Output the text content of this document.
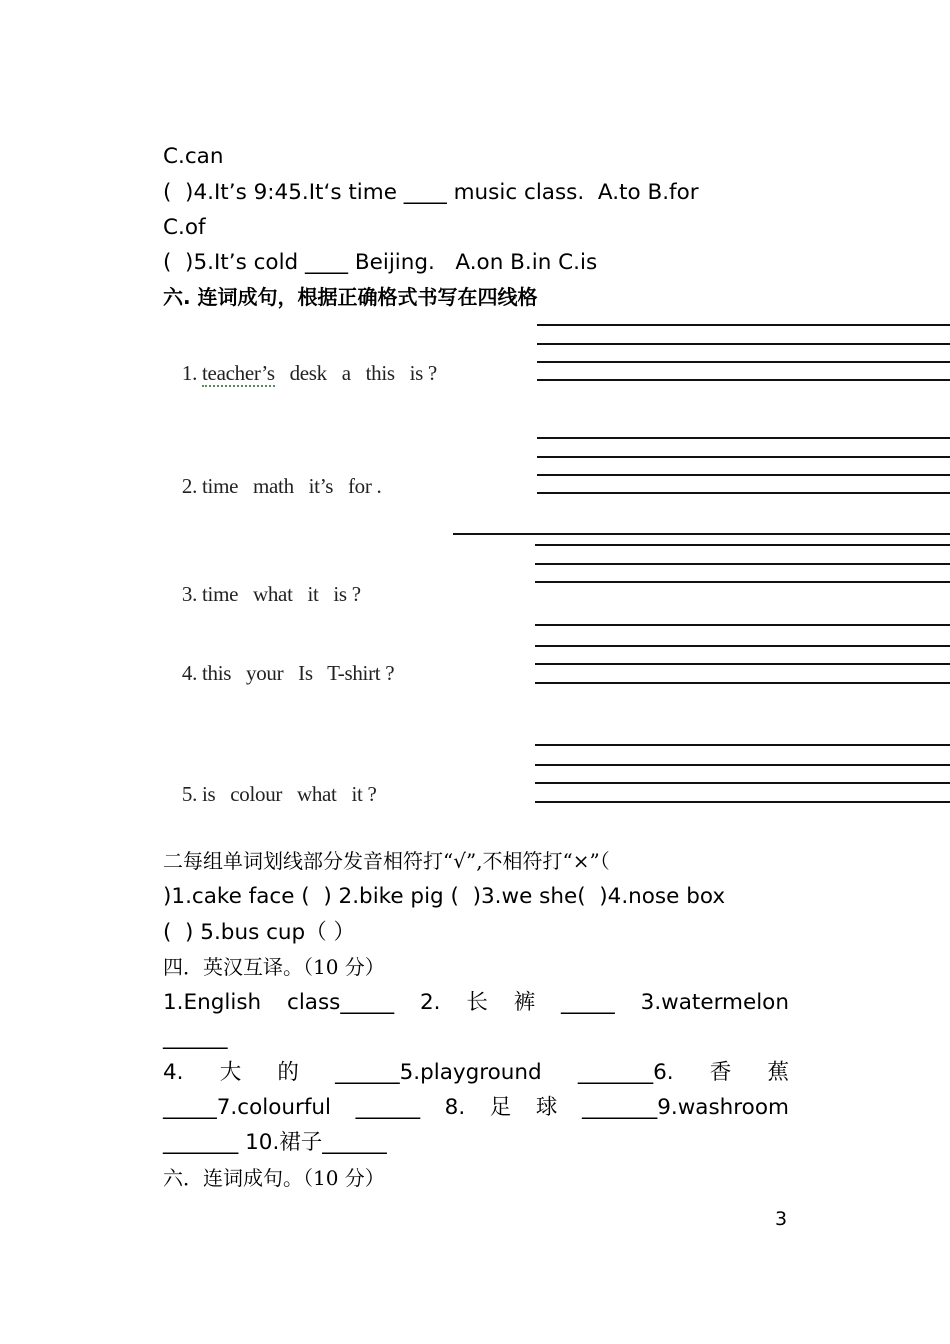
C.can
(  )4.It’s 9:45.It‘s time ____ music class.  A.to B.for
C.of
(  )5.It’s cold ____ Beijing.   A.on B.in C.is
六. 连词成句，根据正确格式书写在四线格

1. teacher’s   desk   a   this   is ?

2. time   math   it’s   for .

3. time   what   it   is ?

4. this   your   Is   T-shirt ?

5. is   colour   what   it ?

二每组单词划线部分发音相符打“√”,不相符打“×”（
)1.cake face (  ) 2.bike pig (  )3.we she(  )4.nose box
(  ) 5.bus cup（ ）
四．英汉互译。（10 分）
1.English class_____ 2. 长 裤 _____ 3.watermelon
______
4. 大 的 ______5.playground _______6. 香 蕉
_____7.colourful ______ 8. 足 球 _______9.washroom
_______ 10.裙子______
六．连词成句。（10 分）
3
